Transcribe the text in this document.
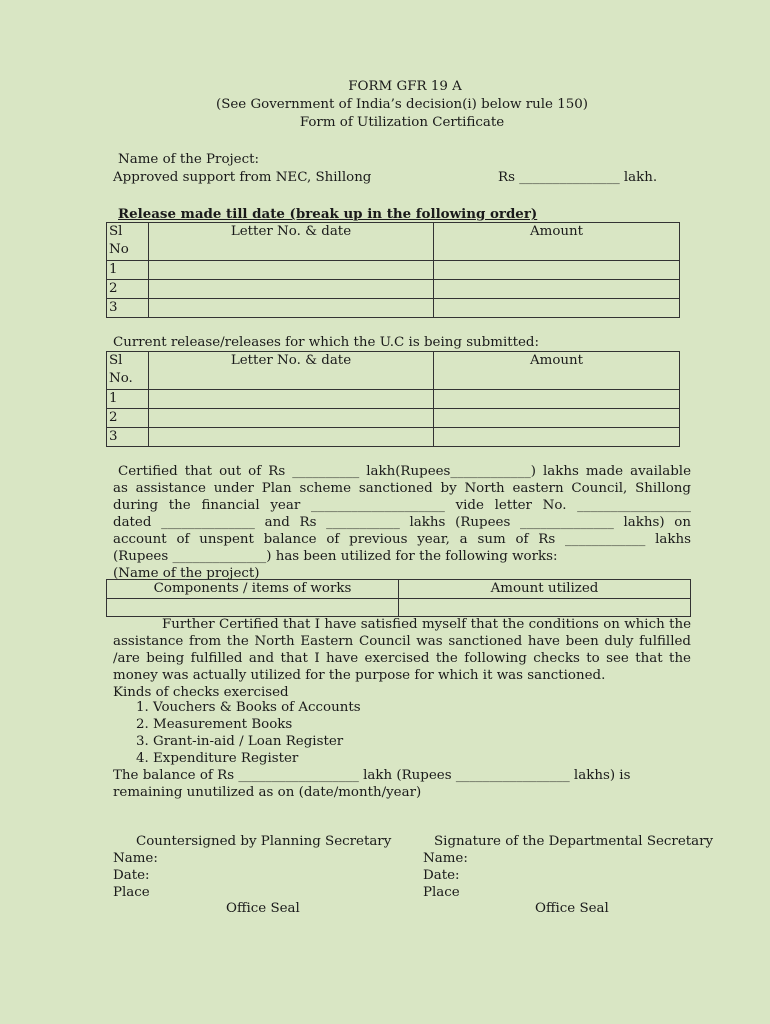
FORM GFR 19 A
(See Government of India’s decision(i) below rule 150)
Form of Utilization Certificate
Name of the Project:
Approved support from NEC, Shillong	Rs _______________ lakh.
Release made till date (break up in the following order)
Sl
No	Letter No. & date	Amount
1		
2		
3		
Current release/releases for which the U.C is being submitted:
Sl
No.	Letter No. & date	Amount
1		
2		
3		
Certified that out of Rs __________ lakh(Rupees____________) lakhs made available
as assistance under Plan scheme sanctioned by North eastern Council, Shillong
during the financial year ____________________ vide letter No. _________________
dated ______________ and Rs ___________ lakhs (Rupees ______________ lakhs) on
account of unspent balance of previous year, a sum of Rs ____________ lakhs
(Rupees ______________) has been utilized for the following works:
(Name of the project)
Components / items of works	Amount utilized

Further Certified that I have satisfied myself that the conditions on which the
assistance from the North Eastern Council was sanctioned have been duly fulfilled
/are being fulfilled and that I have exercised the following checks to see that the
money was actually utilized for the purpose for which it was sanctioned.
Kinds of checks exercised
1. Vouchers & Books of Accounts
2. Measurement Books
3. Grant-in-aid / Loan Register
4. Expenditure Register
The balance of Rs __________________ lakh (Rupees _________________ lakhs) is
remaining unutilized as on (date/month/year)
Countersigned by Planning Secretary
Name:
Date:
Place
Office Seal
Signature of the Departmental Secretary
Name:
Date:
Place
Office Seal
